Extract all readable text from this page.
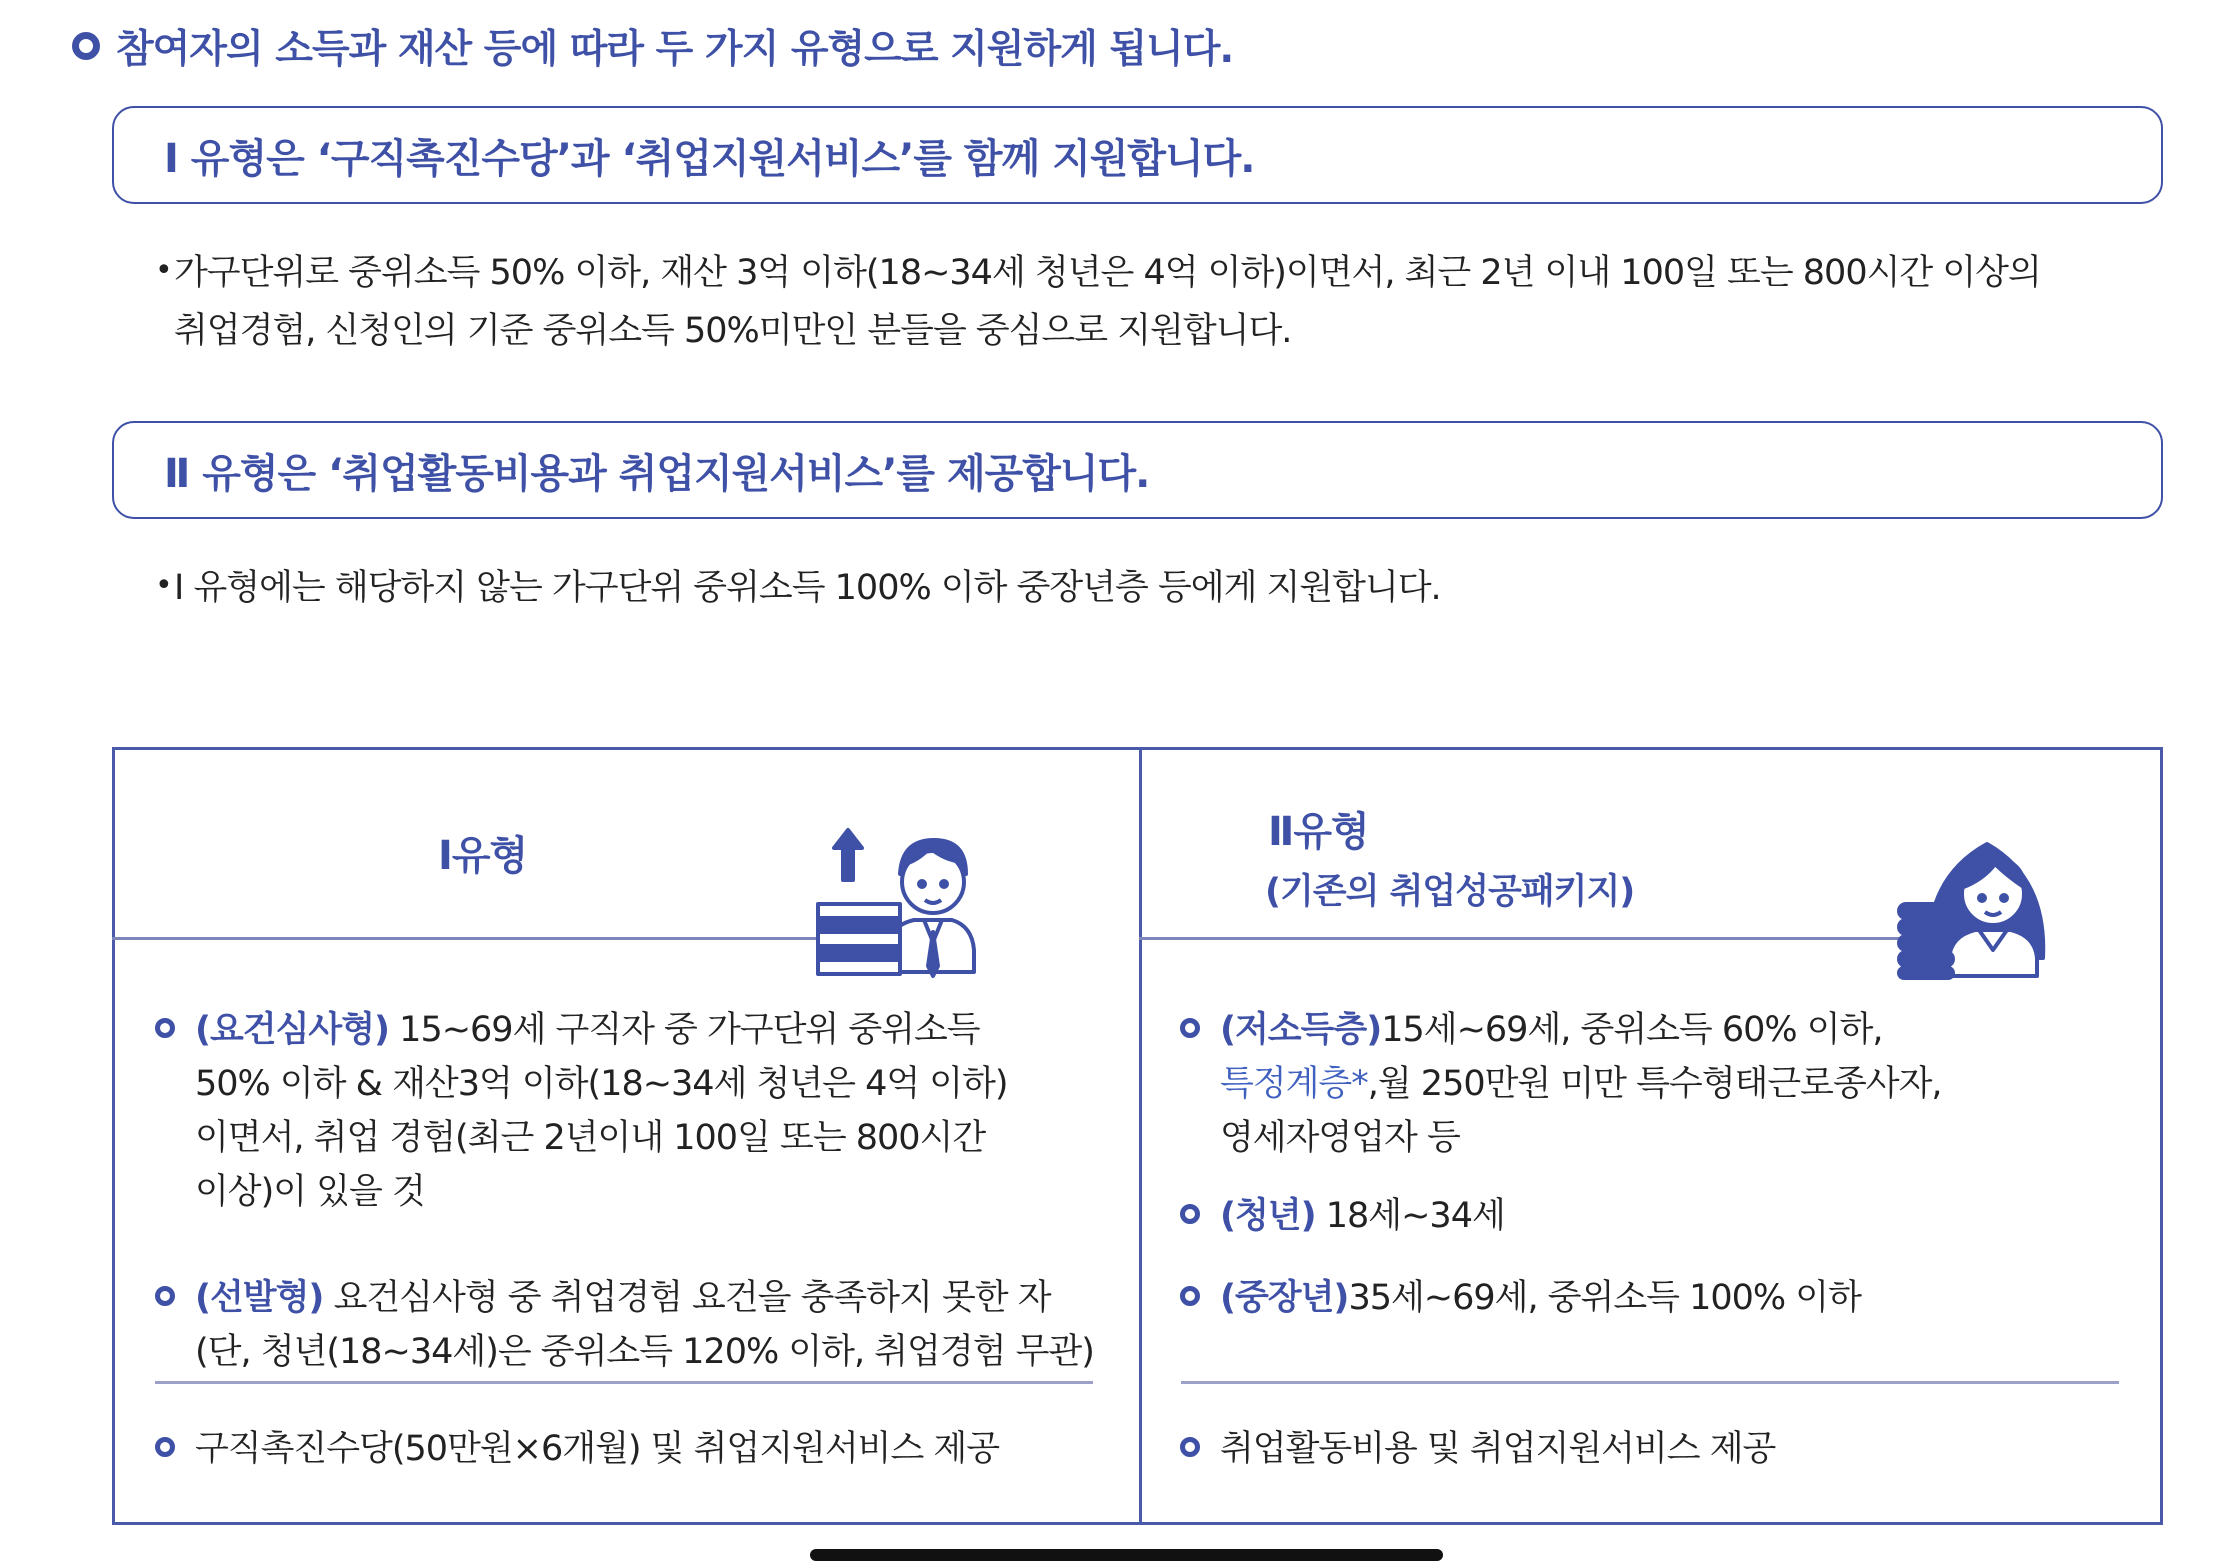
참여자의 소득과 재산 등에 따라 두 가지 유형으로 지원하게 됩니다.
Ⅰ 유형은 ‘구직촉진수당’과 ‘취업지원서비스’를 함께 지원합니다.
• 가구단위로 중위소득 50% 이하, 재산 3억 이하(18~34세 청년은 4억 이하)이면서, 최근 2년 이내 100일 또는 800시간 이상의
취업경험, 신청인의 기준 중위소득 50%미만인 분들을 중심으로 지원합니다.
Ⅱ 유형은 ‘취업활동비용과 취업지원서비스’를 제공합니다.
• Ⅰ 유형에는 해당하지 않는 가구단위 중위소득 100% 이하 중장년층 등에게 지원합니다.
Ⅰ유형
Ⅱ유형
(기존의 취업성공패키지)
(요건심사형) 15~69세 구직자 중 가구단위 중위소득
50% 이하 & 재산3억 이하(18~34세 청년은 4억 이하)
이면서, 취업 경험(최근 2년이내 100일 또는 800시간
이상)이 있을 것
(선발형) 요건심사형 중 취업경험 요건을 충족하지 못한 자
(단, 청년(18~34세)은 중위소득 120% 이하, 취업경험 무관)
구직촉진수당(50만원×6개월) 및 취업지원서비스 제공
(저소득층)15세~69세, 중위소득 60% 이하,
특정계층*,월 250만원 미만 특수형태근로종사자,
영세자영업자 등
(청년) 18세~34세
(중장년)35세~69세, 중위소득 100% 이하
취업활동비용 및 취업지원서비스 제공
